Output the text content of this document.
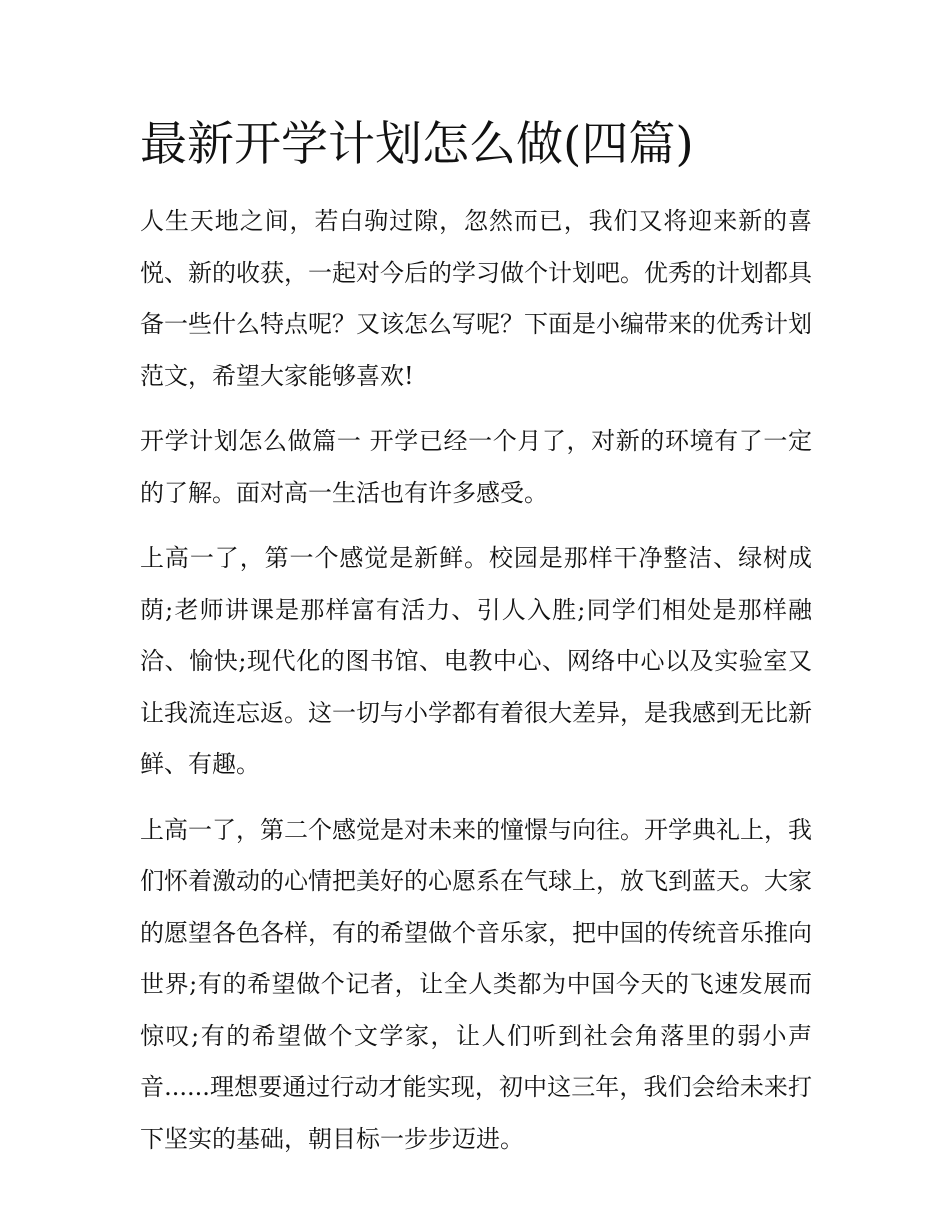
最新开学计划怎么做(四篇)

人生天地之间，若白驹过隙，忽然而已，我们又将迎来新的喜悦、新的收获，一起对今后的学习做个计划吧。优秀的计划都具备一些什么特点呢？又该怎么写呢？下面是小编带来的优秀计划范文，希望大家能够喜欢!

开学计划怎么做篇一 开学已经一个月了，对新的环境有了一定的了解。面对高一生活也有许多感受。

上高一了，第一个感觉是新鲜。校园是那样干净整洁、绿树成荫;老师讲课是那样富有活力、引人入胜;同学们相处是那样融洽、愉快;现代化的图书馆、电教中心、网络中心以及实验室又让我流连忘返。这一切与小学都有着很大差异，是我感到无比新鲜、有趣。

上高一了，第二个感觉是对未来的憧憬与向往。开学典礼上，我们怀着激动的心情把美好的心愿系在气球上，放飞到蓝天。大家的愿望各色各样，有的希望做个音乐家，把中国的传统音乐推向世界;有的希望做个记者，让全人类都为中国今天的飞速发展而惊叹;有的希望做个文学家，让人们听到社会角落里的弱小声音......理想要通过行动才能实现，初中这三年，我们会给未来打下坚实的基础，朝目标一步步迈进。
